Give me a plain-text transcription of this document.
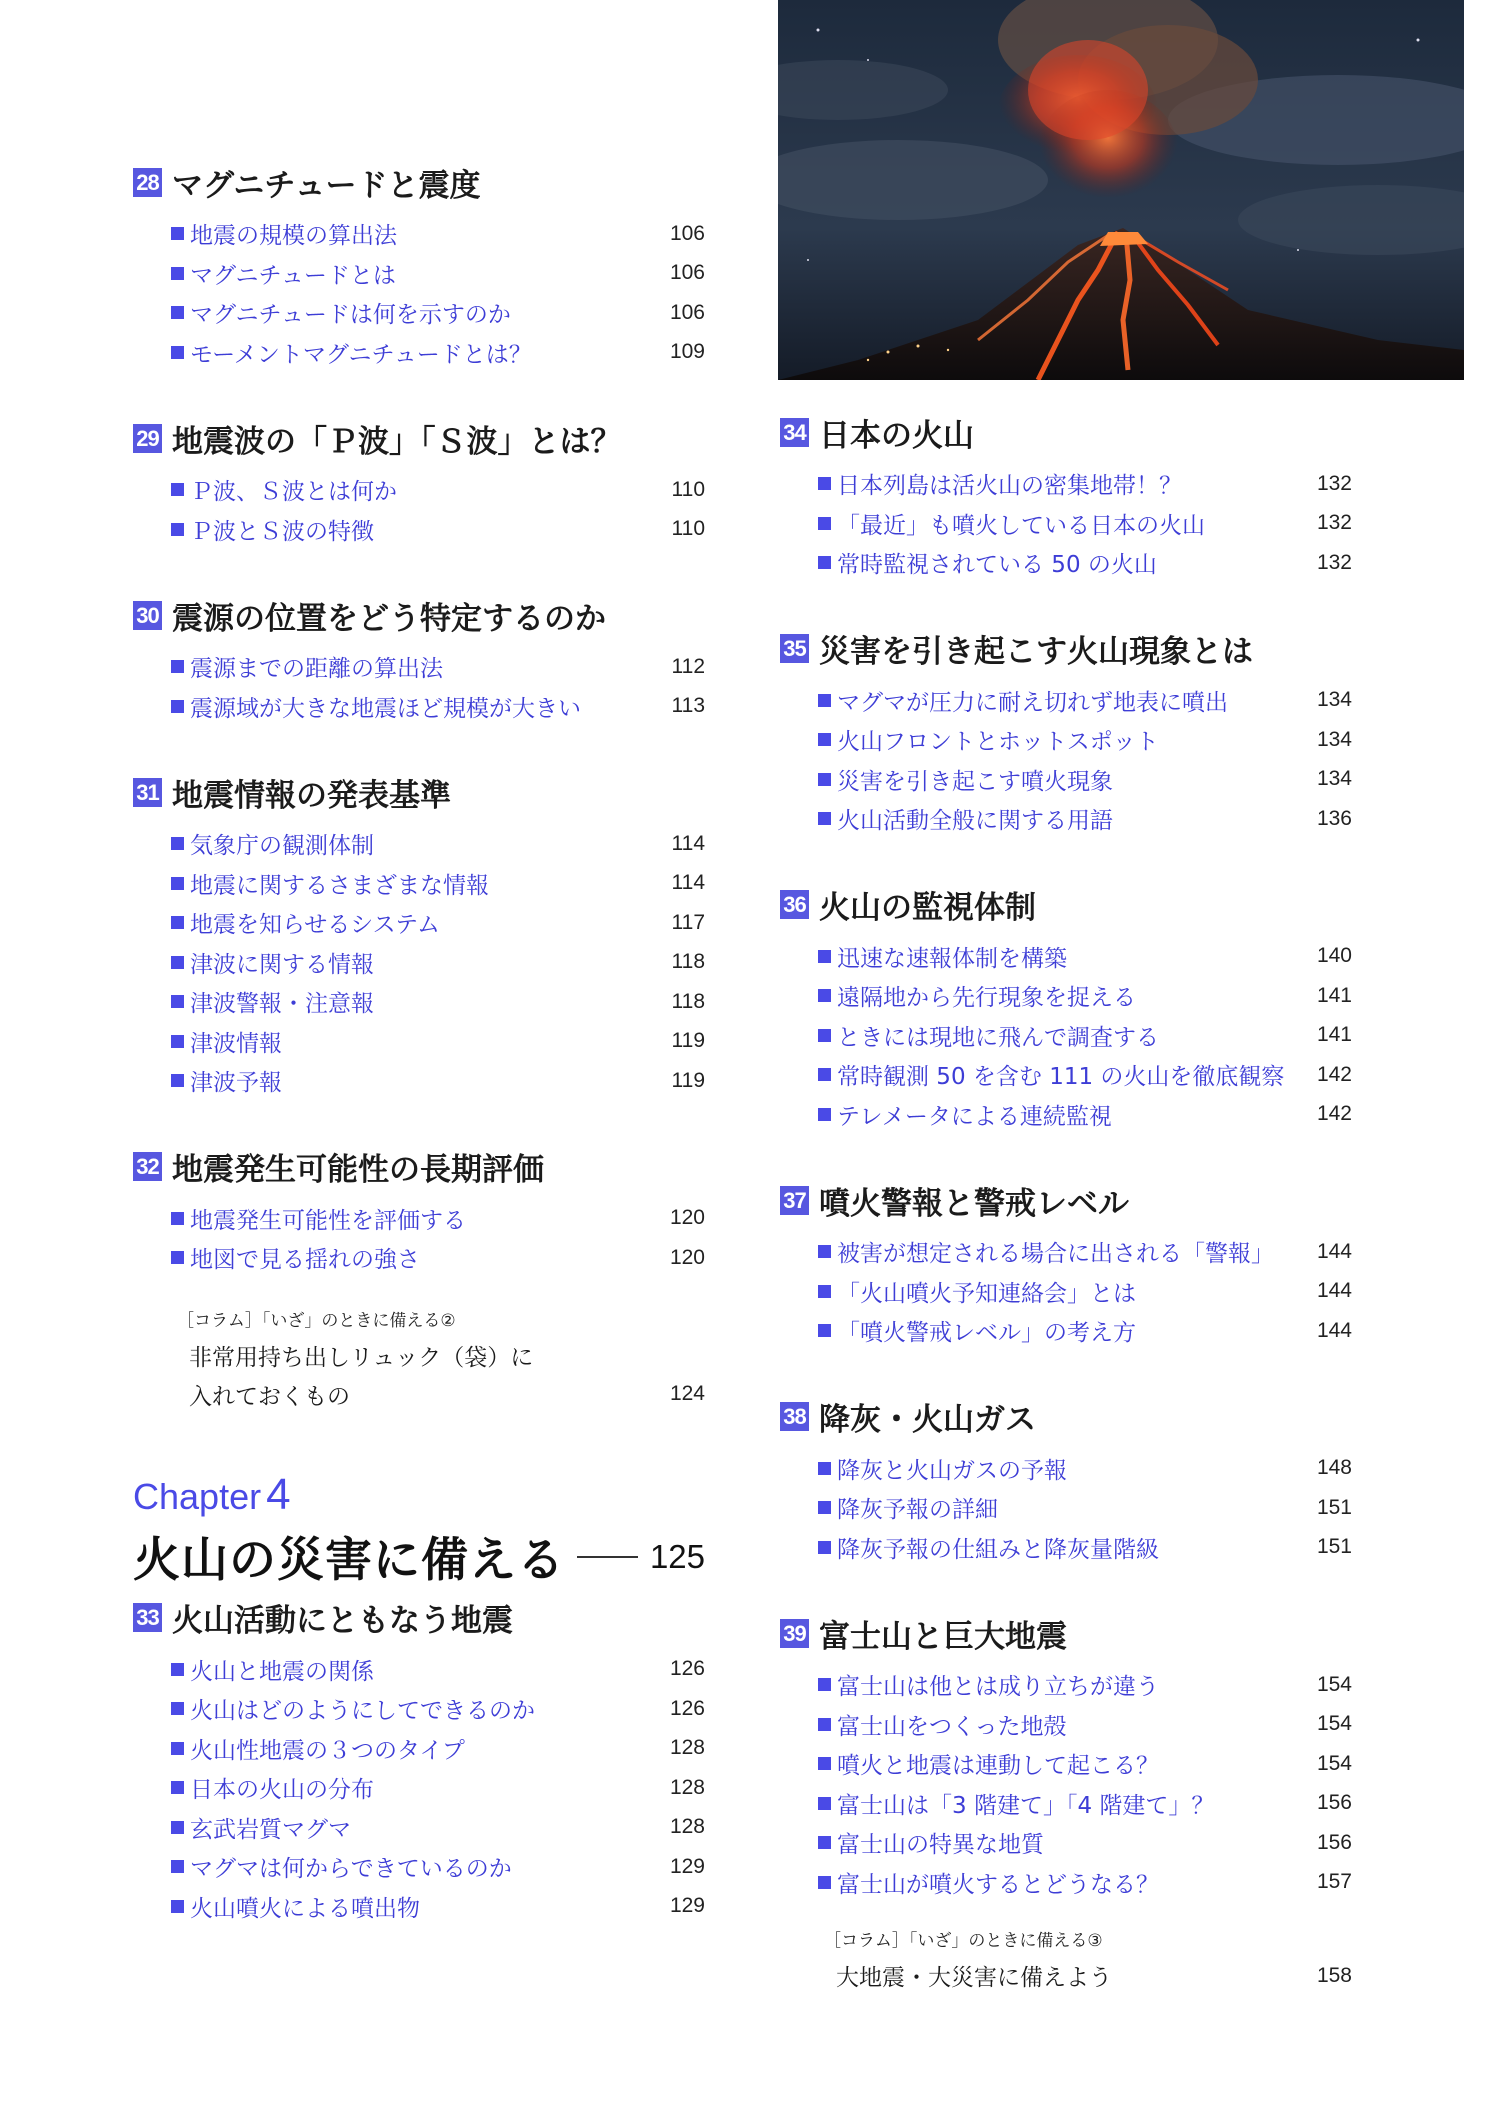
28 マグニチュードと震度
地震の規模の算出法	106
マグニチュードとは	106
マグニチュードは何を示すのか	106
モーメントマグニチュードとは？	109
29 地震波の「Ｐ波」「Ｓ波」とは？
Ｐ波、Ｓ波とは何か	110
Ｐ波とＳ波の特徴	110
30 震源の位置をどう特定するのか
震源までの距離の算出法	112
震源域が大きな地震ほど規模が大きい	113
31 地震情報の発表基準
気象庁の観測体制	114
地震に関するさまざまな情報	114
地震を知らせるシステム	117
津波に関する情報	118
津波警報・注意報	118
津波情報	119
津波予報	119
32 地震発生可能性の長期評価
地震発生可能性を評価する	120
地図で見る揺れの強さ	120
［コラム］「いざ」のときに備える②
非常用持ち出しリュック（袋）に
入れておくもの	124
Chapter 4
火山の災害に備える	125
33 火山活動にともなう地震
火山と地震の関係	126
火山はどのようにしてできるのか	126
火山性地震の３つのタイプ	128
日本の火山の分布	128
玄武岩質マグマ	128
マグマは何からできているのか	129
火山噴火による噴出物	129
34 日本の火山
日本列島は活火山の密集地帯！？	132
「最近」も噴火している日本の火山	132
常時監視されている 50 の火山	132
35 災害を引き起こす火山現象とは
マグマが圧力に耐え切れず地表に噴出	134
火山フロントとホットスポット	134
災害を引き起こす噴火現象	134
火山活動全般に関する用語	136
36 火山の監視体制
迅速な速報体制を構築	140
遠隔地から先行現象を捉える	141
ときには現地に飛んで調査する	141
常時観測 50 を含む 111 の火山を徹底観察	142
テレメータによる連続監視	142
37 噴火警報と警戒レベル
被害が想定される場合に出される「警報」	144
「火山噴火予知連絡会」とは	144
「噴火警戒レベル」の考え方	144
38 降灰・火山ガス
降灰と火山ガスの予報	148
降灰予報の詳細	151
降灰予報の仕組みと降灰量階級	151
39 富士山と巨大地震
富士山は他とは成り立ちが違う	154
富士山をつくった地殻	154
噴火と地震は連動して起こる？	154
富士山は「3 階建て」「4 階建て」？	156
富士山の特異な地質	156
富士山が噴火するとどうなる？	157
［コラム］「いざ」のときに備える③
大地震・大災害に備えよう	158
